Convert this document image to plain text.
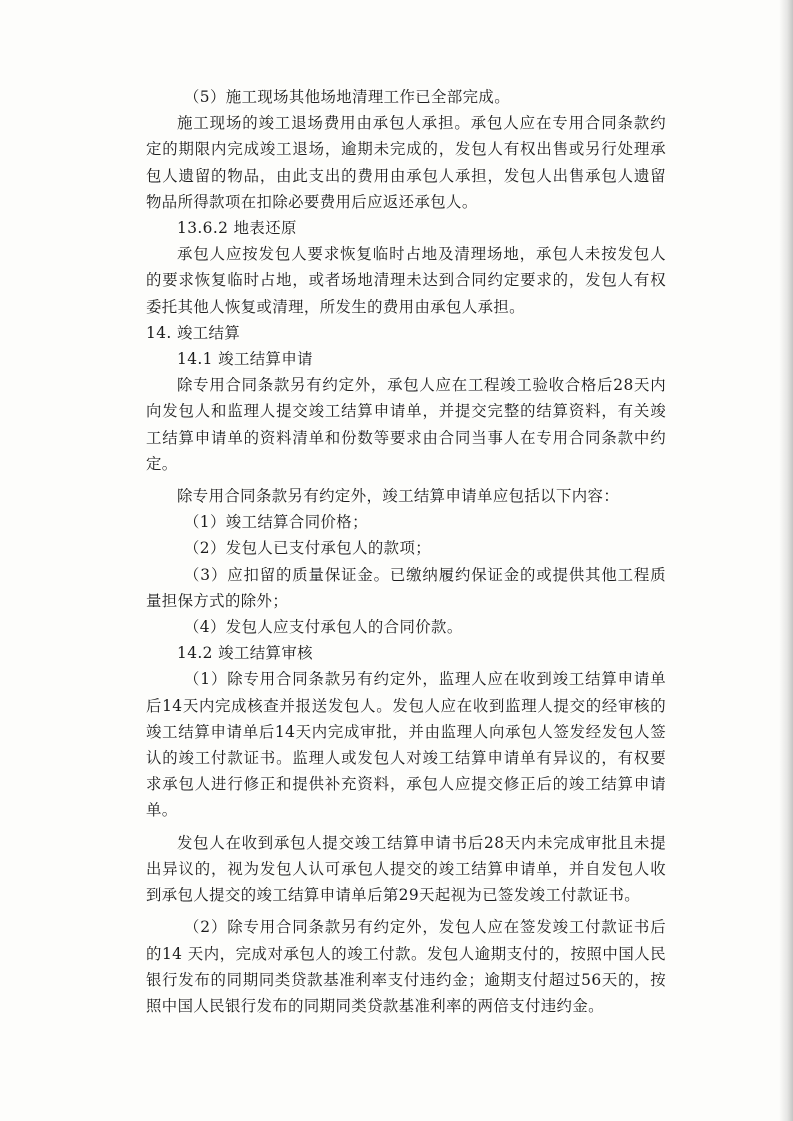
（5）施工现场其他场地清理工作已全部完成。

施工现场的竣工退场费用由承包人承担。承包人应在专用合同条款约定的期限内完成竣工退场，逾期未完成的，发包人有权出售或另行处理承包人遗留的物品，由此支出的费用由承包人承担，发包人出售承包人遗留物品所得款项在扣除必要费用后应返还承包人。

13.6.2 地表还原

承包人应按发包人要求恢复临时占地及清理场地，承包人未按发包人的要求恢复临时占地，或者场地清理未达到合同约定要求的，发包人有权委托其他人恢复或清理，所发生的费用由承包人承担。

14. 竣工结算

14.1 竣工结算申请

除专用合同条款另有约定外，承包人应在工程竣工验收合格后28天内向发包人和监理人提交竣工结算申请单，并提交完整的结算资料，有关竣工结算申请单的资料清单和份数等要求由合同当事人在专用合同条款中约定。

除专用合同条款另有约定外，竣工结算申请单应包括以下内容：

（1）竣工结算合同价格；

（2）发包人已支付承包人的款项；

（3）应扣留的质量保证金。已缴纳履约保证金的或提供其他工程质量担保方式的除外；

（4）发包人应支付承包人的合同价款。

14.2 竣工结算审核

（1）除专用合同条款另有约定外，监理人应在收到竣工结算申请单后14天内完成核查并报送发包人。发包人应在收到监理人提交的经审核的竣工结算申请单后14天内完成审批，并由监理人向承包人签发经发包人签认的竣工付款证书。监理人或发包人对竣工结算申请单有异议的，有权要求承包人进行修正和提供补充资料，承包人应提交修正后的竣工结算申请单。

发包人在收到承包人提交竣工结算申请书后28天内未完成审批且未提出异议的，视为发包人认可承包人提交的竣工结算申请单，并自发包人收到承包人提交的竣工结算申请单后第29天起视为已签发竣工付款证书。

（2）除专用合同条款另有约定外，发包人应在签发竣工付款证书后的14 天内，完成对承包人的竣工付款。发包人逾期支付的，按照中国人民银行发布的同期同类贷款基准利率支付违约金；逾期支付超过56天的，按照中国人民银行发布的同期同类贷款基准利率的两倍支付违约金。
